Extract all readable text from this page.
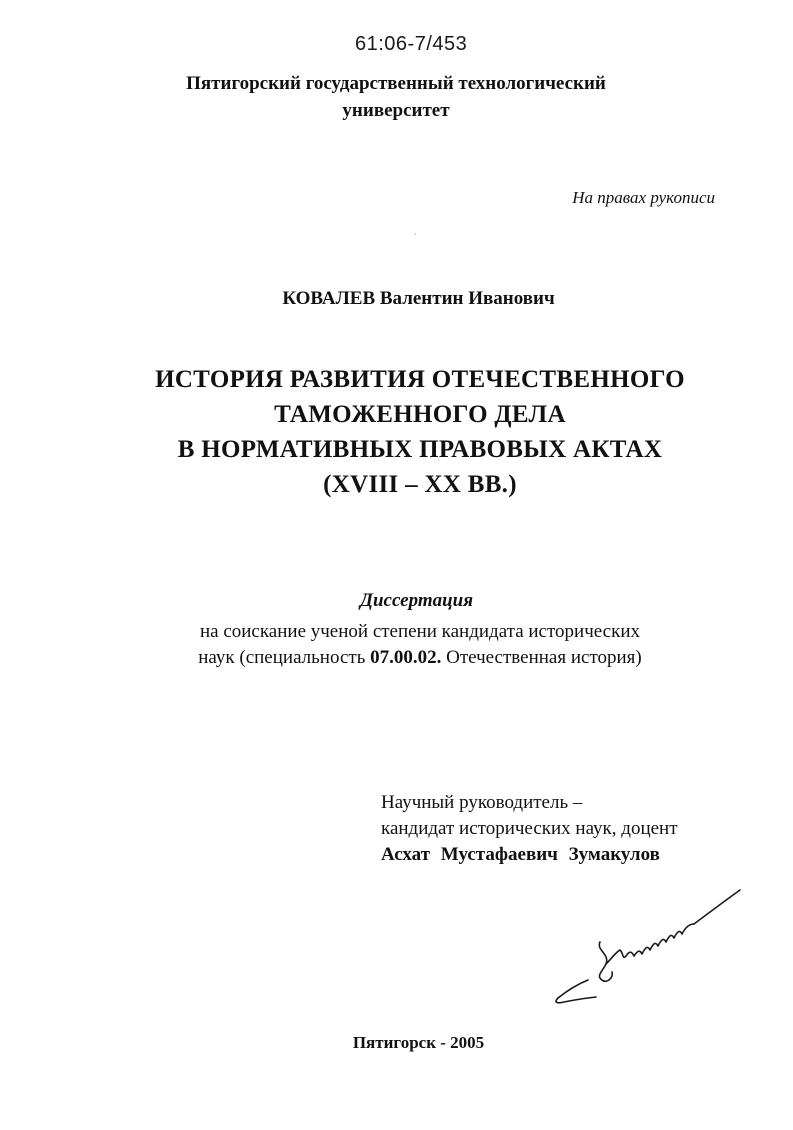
61:06-7/453
Пятигорский государственный технологический
университет
На правах рукописи
КОВАЛЕВ Валентин Иванович
ИСТОРИЯ РАЗВИТИЯ ОТЕЧЕСТВЕННОГО
ТАМОЖЕННОГО ДЕЛА
В НОРМАТИВНЫХ ПРАВОВЫХ АКТАХ
(XVIII – XX ВВ.)
Диссертация
на соискание ученой степени кандидата исторических
наук (специальность 07.00.02. Отечественная история)
Научный руководитель –
кандидат исторических наук, доцент
Асхат Мустафаевич Зумакулов
Пятигорск - 2005
